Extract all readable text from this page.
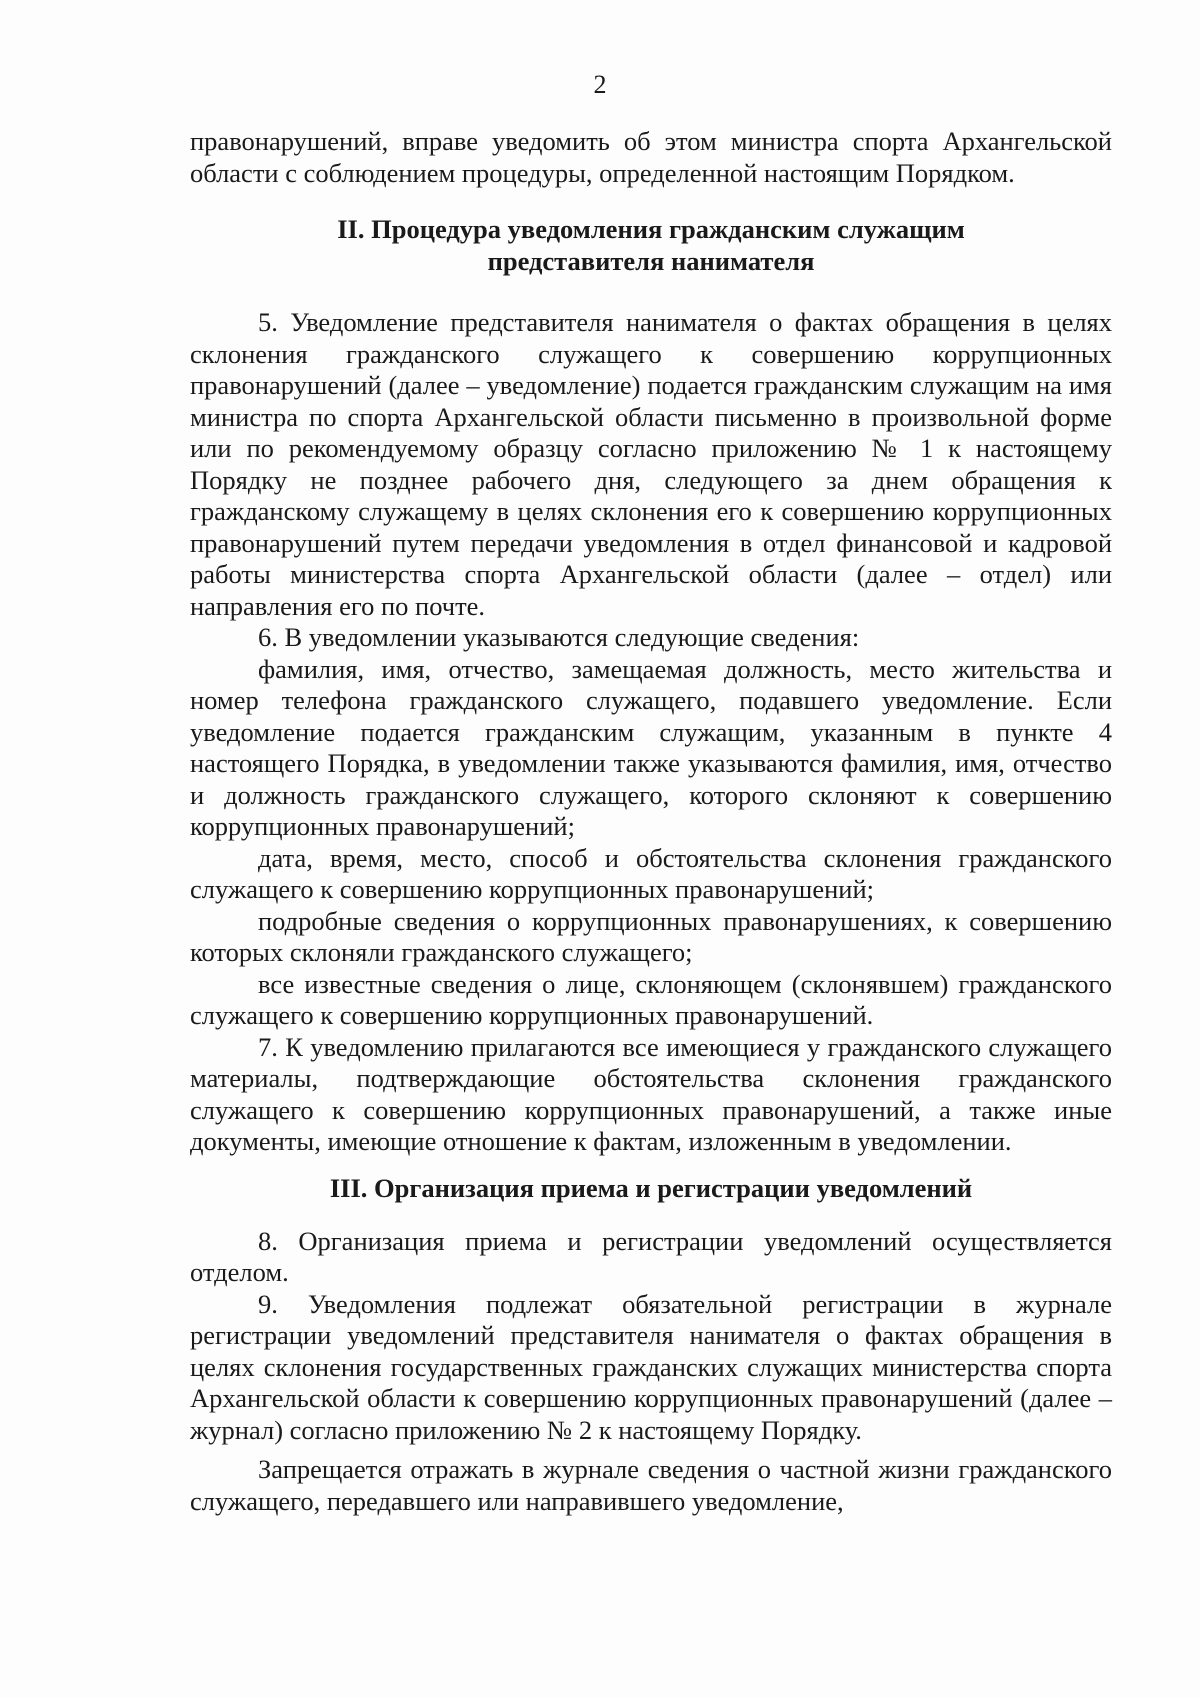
2

правонарушений, вправе уведомить об этом министра спорта Архангельской области с соблюдением процедуры, определенной настоящим Порядком.

II. Процедура уведомления гражданским служащим

представителя нанимателя

5. Уведомление представителя нанимателя о фактах обращения в целях склонения гражданского служащего к совершению коррупционных правонарушений (далее – уведомление) подается гражданским служащим на имя министра по спорта Архангельской области письменно в произвольной форме или по рекомендуемому образцу согласно приложению № 1 к настоящему Порядку не позднее рабочего дня, следующего за днем обращения к гражданскому служащему в целях склонения его к совершению коррупционных правонарушений путем передачи уведомления в отдел финансовой и кадровой работы министерства спорта Архангельской области (далее – отдел) или направления его по почте.

6. В уведомлении указываются следующие сведения:

фамилия, имя, отчество, замещаемая должность, место жительства и номер телефона гражданского служащего, подавшего уведомление. Если уведомление подается гражданским служащим, указанным в пункте 4 настоящего Порядка, в уведомлении также указываются фамилия, имя, отчество и должность гражданского служащего, которого склоняют к совершению коррупционных правонарушений;

дата, время, место, способ и обстоятельства склонения гражданского служащего к совершению коррупционных правонарушений;

подробные сведения о коррупционных правонарушениях, к совершению которых склоняли гражданского служащего;

все известные сведения о лице, склоняющем (склонявшем) гражданского служащего к совершению коррупционных правонарушений.

7. К уведомлению прилагаются все имеющиеся у гражданского служащего материалы, подтверждающие обстоятельства склонения гражданского служащего к совершению коррупционных правонарушений, а также иные документы, имеющие отношение к фактам, изложенным в уведомлении.

III. Организация приема и регистрации уведомлений

8. Организация приема и регистрации уведомлений осуществляется отделом.

9. Уведомления подлежат обязательной регистрации в журнале регистрации уведомлений представителя нанимателя о фактах обращения в целях склонения государственных гражданских служащих министерства спорта Архангельской области к совершению коррупционных правонарушений (далее – журнал) согласно приложению № 2 к настоящему Порядку.

Запрещается отражать в журнале сведения о частной жизни гражданского служащего, передавшего или направившего уведомление,
